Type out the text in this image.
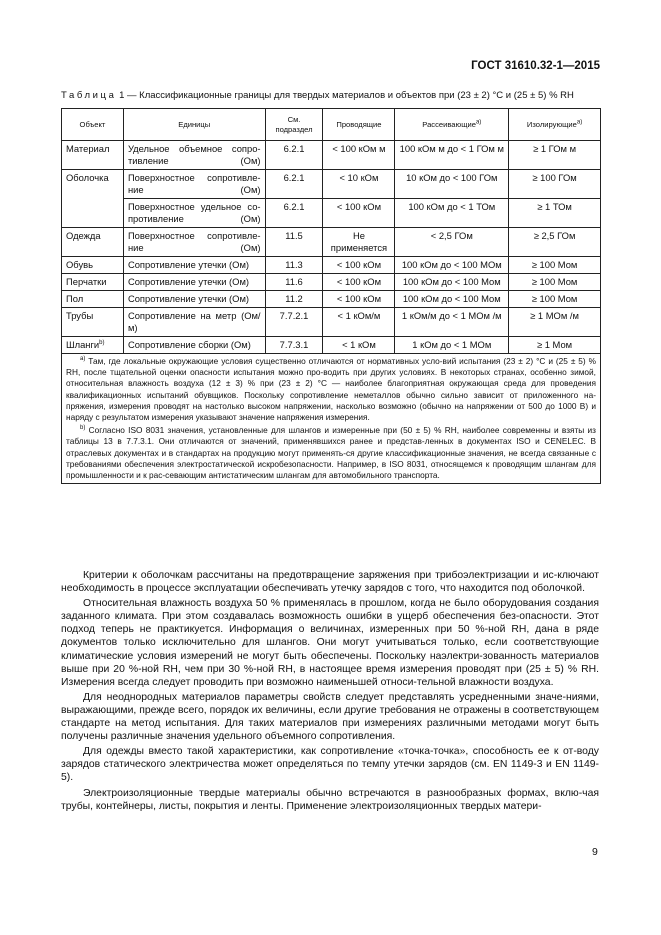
ГОСТ 31610.32-1—2015
Таблица 1 — Классификационные границы для твердых материалов и объектов при (23 ± 2) °С и (25 ± 5) % RH
Объект	Единицы	См. подраздел	Проводящие	Рассеивающие$^{a)}$	Изолирующие$^{a)}$
Материал	Удельное объемное сопро-тивление (Ом)	6.2.1	< 100 кОм м	100 кОм м до < 1 ГОм м	≥ 1 ГОм м
Оболочка	Поверхностное сопротивле-ние (Ом)	6.2.1	< 10 кОм	10 кОм до < 100 ГОм	≥ 100 ГОм
	Поверхностное удельное со-противление (Ом)	6.2.1	< 100 кОм	100 кОм до < 1 ТОм	≥ 1 ТОм
Одежда	Поверхностное сопротивле-ние (Ом)	11.5	Не применяется	< 2,5 ГОм	≥ 2,5 ГОм
Обувь	Сопротивление утечки (Ом)	11.3	< 100 кОм	100 кОм до < 100 МОм	≥ 100 Мом
Перчатки	Сопротивление утечки (Ом)	11.6	< 100 кОм	100 кОм до < 100 Мом	≥ 100 Мом
Пол	Сопротивление утечки (Ом)	11.2	< 100 кОм	100 кОм до < 100 Мом	≥ 100 Мом
Трубы	Сопротивление на метр (Ом/м)	7.7.2.1	< 1 кОм/м	1 кОм/м до < 1 МОм /м	≥ 1 МОм /м
Шланги$^{b)}$	Сопротивление сборки (Ом)	7.7.3.1	< 1 кОм	1 кОм до < 1 МОм	≥ 1 Мом

$^{a)}$ Там, где локальные окружающие условия существенно отличаются от нормативных усло-вий испытания (23 ± 2) °С и (25 ± 5) % RH, после тщательной оценки опасности испытания можно про-водить при других условиях. В некоторых странах, особенно зимой, относительная влажность воздуха (12 ± 3) % при (23 ± 2) °С — наиболее благоприятная окружающая среда для проведения квалификационных испытаний обувщиков. Поскольку сопротивление неметаллов обычно сильно зависит от приложенного на-пряжения, измерения проводят на настолько высоком напряжении, насколько возможно (обычно на напряжении от 500 до 1000 В) и наряду с результатом измерения указывают значение напряжения измерения.

$^{b)}$ Согласно ISO 8031 значения, установленные для шлангов и измеренные при (50 ± 5) % RH, наиболее современны и взяты из таблицы 13 в 7.7.3.1. Они отличаются от значений, применявшихся ранее и представ-ленных в документах ISO и CENELEC. В отраслевых документах и в стандартах на продукцию могут применять-ся другие классификационные значения, не всегда связанные с требованиями обеспечения электростатической искробезопасности. Например, в ISO 8031, относящемся к проводящим шлангам для промышленности и к рас-севающим антистатическим шлангам для автомобильного транспорта.					

Критерии к оболочкам рассчитаны на предотвращение заряжения при трибоэлектризации и ис-ключают необходимость в процессе эксплуатации обеспечивать утечку зарядов с того, что находится под оболочкой.

Относительная влажность воздуха 50 % применялась в прошлом, когда не было оборудования создания заданного климата. При этом создавалась возможность ошибки в ущерб обеспечения без-опасности. Этот подход теперь не практикуется. Информация о величинах, измеренных при 50 %-ной RH, дана в ряде документов только исключительно для шлангов. Они могут учитываться только, если соответствующие климатические условия измерений не могут быть обеспечены. Поскольку наэлектри-зованность материалов выше при 20 %-ной RH, чем при 30 %-ной RH, в настоящее время измерения проводят при (25 ± 5) % RH. Измерения всегда следует проводить при возможно наименьшей относи-тельной влажности воздуха.

Для неоднородных материалов параметры свойств следует представлять усредненными значе-ниями, выражающими, прежде всего, порядок их величины, если другие требования не отражены в соответствующем стандарте на метод испытания. Для таких материалов при измерениях различными методами могут быть получены различные значения удельного объемного сопротивления.

Для одежды вместо такой характеристики, как сопротивление «точка-точка», способность ее к от-воду зарядов статического электричества может определяться по темпу утечки зарядов (см. EN 1149-3 и EN 1149-5).

Электроизоляционные твердые материалы обычно встречаются в разнообразных формах, вклю-чая трубы, контейнеры, листы, покрытия и ленты. Применение электроизоляционных твердых матери-

9
